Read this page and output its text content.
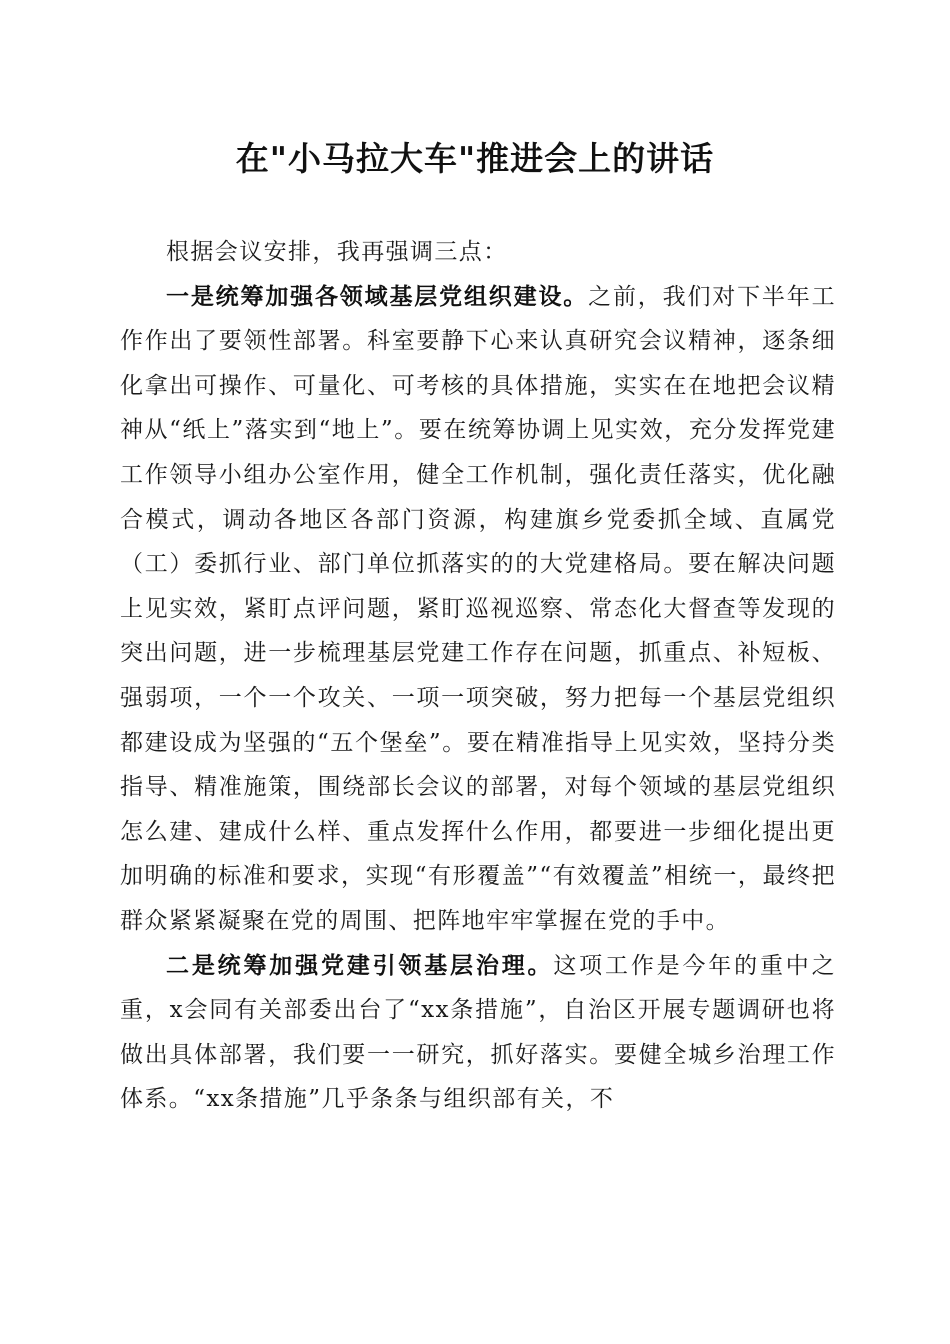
在"小马拉大车"推进会上的讲话

根据会议安排，我再强调三点：

一是统筹加强各领域基层党组织建设。之前，我们对下半年工作作出了要领性部署。科室要静下心来认真研究会议精神，逐条细化拿出可操作、可量化、可考核的具体措施，实实在在地把会议精神从“纸上”落实到“地上”。要在统筹协调上见实效，充分发挥党建工作领导小组办公室作用，健全工作机制，强化责任落实，优化融合模式，调动各地区各部门资源，构建旗乡党委抓全域、直属党（工）委抓行业、部门单位抓落实的的大党建格局。要在解决问题上见实效，紧盯点评问题，紧盯巡视巡察、常态化大督查等发现的突出问题，进一步梳理基层党建工作存在问题，抓重点、补短板、强弱项，一个一个攻关、一项一项突破，努力把每一个基层党组织都建设成为坚强的“五个堡垒”。要在精准指导上见实效，坚持分类指导、精准施策，围绕部长会议的部署，对每个领域的基层党组织怎么建、建成什么样、重点发挥什么作用，都要进一步细化提出更加明确的标准和要求，实现“有形覆盖”“有效覆盖”相统一，最终把群众紧紧凝聚在党的周围、把阵地牢牢掌握在党的手中。

二是统筹加强党建引领基层治理。这项工作是今年的重中之重，x会同有关部委出台了“xx条措施”，自治区开展专题调研也将做出具体部署，我们要一一研究，抓好落实。要健全城乡治理工作体系。“xx条措施”几乎条条与组织部有关，不
